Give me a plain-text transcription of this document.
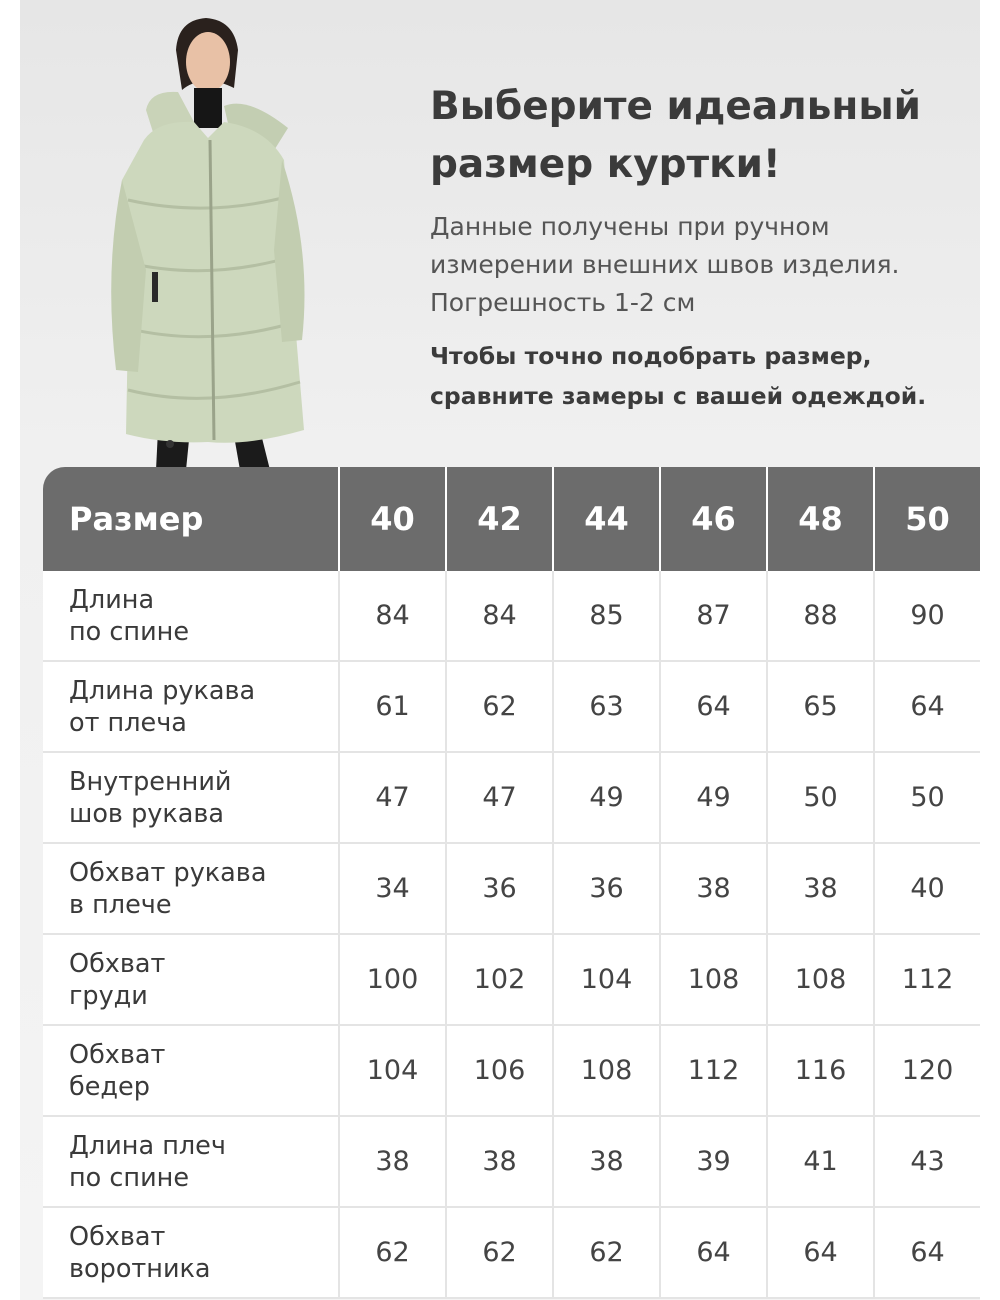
Выберите идеальный
размер куртки!

Данные получены при ручном
измерении внешних швов изделия.
Погрешность 1-2 см

Чтобы точно подобрать размер,
сравните замеры с вашей одеждой.

Размер	40	42	44	46	48	50

Длина
по спине	84	84	85	87	88	90

Длина рукава
от плеча	61	62	63	64	65	64

Внутренний
шов рукава	47	47	49	49	50	50

Обхват рукава
в плече	34	36	36	38	38	40

Обхват
груди	100	102	104	108	108	112

Обхват
бедер	104	106	108	112	116	120

Длина плеч
по спине	38	38	38	39	41	43

Обхват
воротника	62	62	62	64	64	64
